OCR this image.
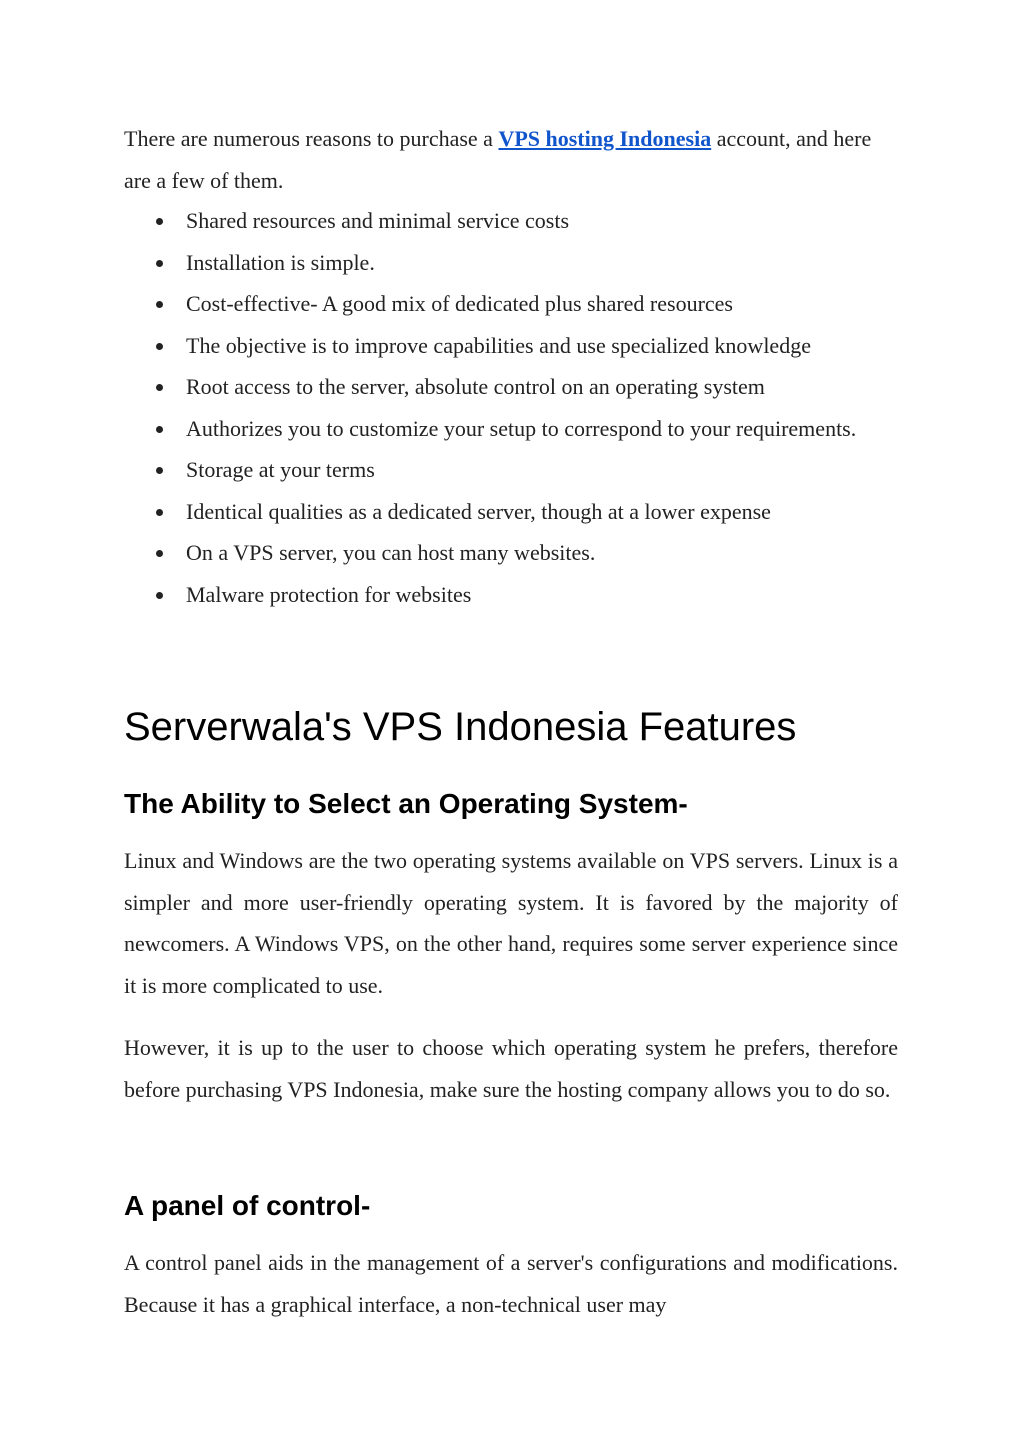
There are numerous reasons to purchase a VPS hosting Indonesia account, and here are a few of them.

Shared resources and minimal service costs
Installation is simple.
Cost-effective- A good mix of dedicated plus shared resources
The objective is to improve capabilities and use specialized knowledge
Root access to the server, absolute control on an operating system
Authorizes you to customize your setup to correspond to your requirements.
Storage at your terms
Identical qualities as a dedicated server, though at a lower expense
On a VPS server, you can host many websites.
Malware protection for websites
Serverwala's VPS Indonesia Features
The Ability to Select an Operating System-

Linux and Windows are the two operating systems available on VPS servers. Linux is a simpler and more user-friendly operating system. It is favored by the majority of newcomers. A Windows VPS, on the other hand, requires some server experience since it is more complicated to use.

However, it is up to the user to choose which operating system he prefers, therefore before purchasing VPS Indonesia, make sure the hosting company allows you to do so.

A panel of control-

A control panel aids in the management of a server's configurations and modifications. Because it has a graphical interface, a non-technical user may
